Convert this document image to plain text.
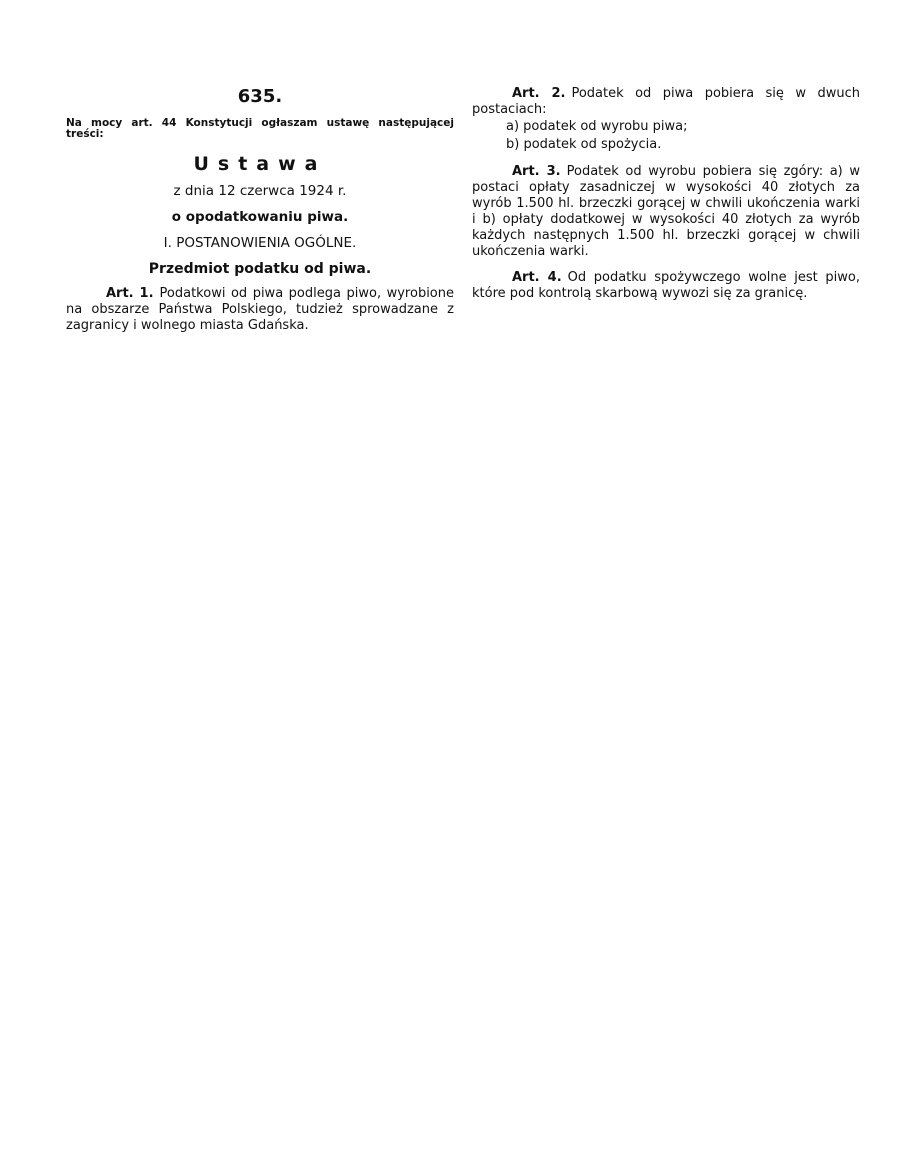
635.
Na mocy art. 44 Konstytucji ogłaszam ustawę następującej treści:
Ustawa
z dnia 12 czerwca 1924 r.
o opodatkowaniu piwa.
I. POSTANOWIENIA OGÓLNE.
Przedmiot podatku od piwa.

Art. 1. Podatkowi od piwa podlega piwo, wyrobione na obszarze Państwa Polskiego, tudzież sprowadzane z zagranicy i wolnego miasta Gdańska.

Art. 2. Podatek od piwa pobiera się w dwuch postaciach:

a) podatek od wyrobu piwa;

b) podatek od spożycia.

Art. 3. Podatek od wyrobu pobiera się zgóry: a) w postaci opłaty zasadniczej w wysokości 40 złotych za wyrób 1.500 hl. brzeczki gorącej w chwili ukończenia warki i b) opłaty dodatkowej w wysokości 40 złotych za wyrób każdych następnych 1.500 hl. brzeczki gorącej w chwili ukończenia warki.

Art. 4. Od podatku spożywczego wolne jest piwo, które pod kontrolą skarbową wywozi się za granicę.
